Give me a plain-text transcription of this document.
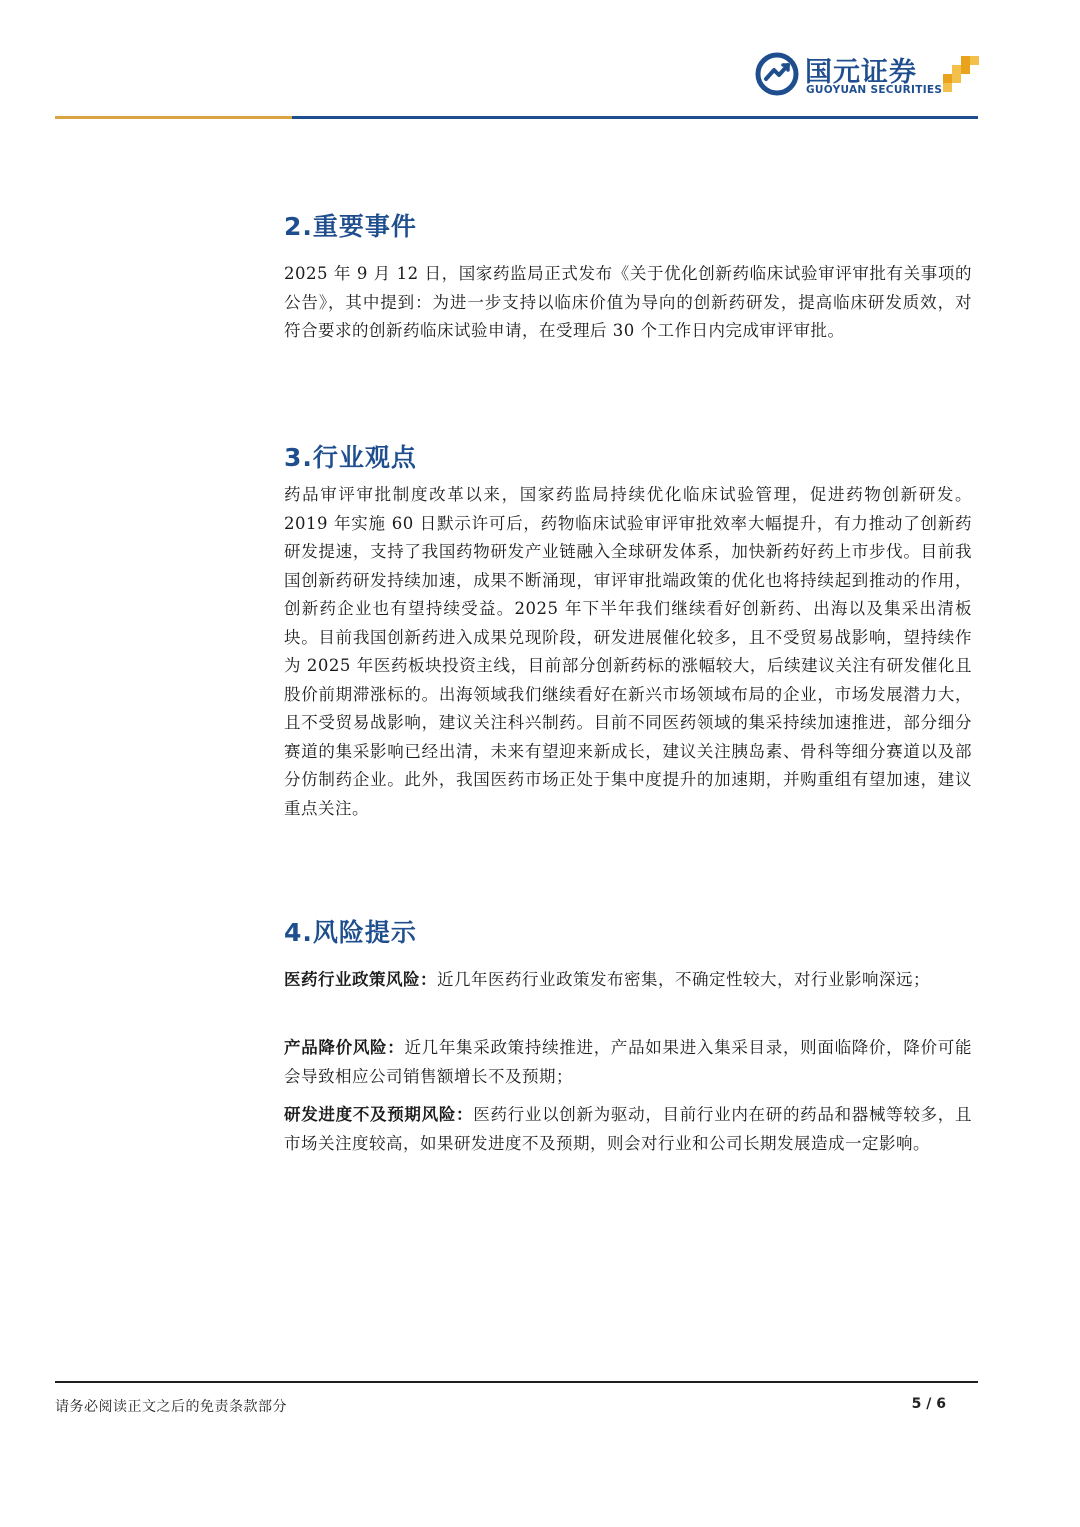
国元证券
GUOYUAN SECURITIES
2.重要事件

2025 年 9 月 12 日，国家药监局正式发布《关于优化创新药临床试验审评审批有关事项的公告》，其中提到：为进一步支持以临床价值为导向的创新药研发，提高临床研发质效，对符合要求的创新药临床试验申请，在受理后 30 个工作日内完成审评审批。

3.行业观点

药品审评审批制度改革以来，国家药监局持续优化临床试验管理，促进药物创新研发。2019 年实施 60 日默示许可后，药物临床试验审评审批效率大幅提升，有力推动了创新药研发提速，支持了我国药物研发产业链融入全球研发体系，加快新药好药上市步伐。目前我国创新药研发持续加速，成果不断涌现，审评审批端政策的优化也将持续起到推动的作用，创新药企业也有望持续受益。2025 年下半年我们继续看好创新药、出海以及集采出清板块。目前我国创新药进入成果兑现阶段，研发进展催化较多，且不受贸易战影响，望持续作为 2025 年医药板块投资主线，目前部分创新药标的涨幅较大，后续建议关注有研发催化且股价前期滞涨标的。出海领域我们继续看好在新兴市场领域布局的企业，市场发展潜力大，且不受贸易战影响，建议关注科兴制药。目前不同医药领域的集采持续加速推进，部分细分赛道的集采影响已经出清，未来有望迎来新成长，建议关注胰岛素、骨科等细分赛道以及部分仿制药企业。此外，我国医药市场正处于集中度提升的加速期，并购重组有望加速，建议重点关注。

4.风险提示

医药行业政策风险：近几年医药行业政策发布密集，不确定性较大，对行业影响深远；

产品降价风险：近几年集采政策持续推进，产品如果进入集采目录，则面临降价，降价可能会导致相应公司销售额增长不及预期；

研发进度不及预期风险：医药行业以创新为驱动，目前行业内在研的药品和器械等较多，且市场关注度较高，如果研发进度不及预期，则会对行业和公司长期发展造成一定影响。

请务必阅读正文之后的免责条款部分	5 / 6
